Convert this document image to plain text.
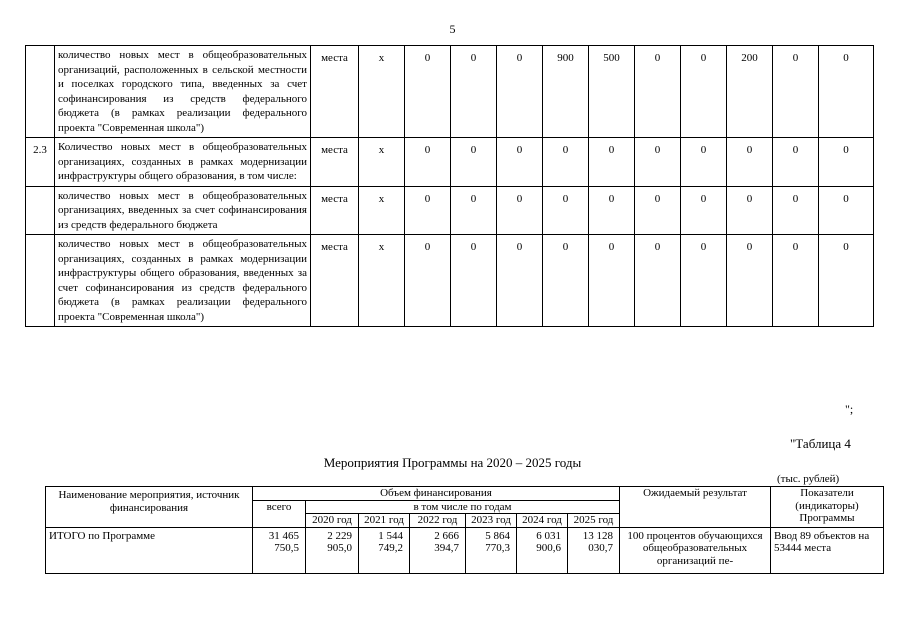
5
	количество новых мест в общеобразовательных организаций, расположенных в сельской местности и поселках городского типа, введенных за счет софинансирования из средств федерального бюджета (в рамках реализации федерального проекта "Современная школа")	места	x	0	0	0	900	500	0	0	200	0	0
2.3	Количество новых мест в общеобразовательных организациях, созданных в рамках модернизации инфраструктуры общего образования, в том числе:	места	x	0	0	0	0	0	0	0	0	0	0
	количество новых мест в общеобразовательных организациях, введенных за счет софинансирования из средств федерального бюджета	места	x	0	0	0	0	0	0	0	0	0	0
	количество новых мест в общеобразовательных организациях, созданных в рамках модернизации инфраструктуры общего образования, введенных за счет софинансирования из средств федерального бюджета (в рамках реализации федерального проекта "Современная школа")	места	x	0	0	0	0	0	0	0	0	0	0
";
"Таблица 4
Мероприятия Программы на 2020 – 2025 годы
(тыс. рублей)
Наименование мероприятия, источник финансирования	Объем финансирования							Ожидаемый результат	Показатели (индикаторы) Программы
	всего	в том числе по годам							
		2020 год	2021 год	2022 год	2023 год	2024 год	2025 год		
ИТОГО по Программе	31 465 750,5	2 229 905,0	1 544 749,2	2 666 394,7	5 864 770,3	6 031 900,6	13 128 030,7	100 процентов обучающихся общеобразовательных организаций пе-	Ввод 89 объектов на 53444 места
